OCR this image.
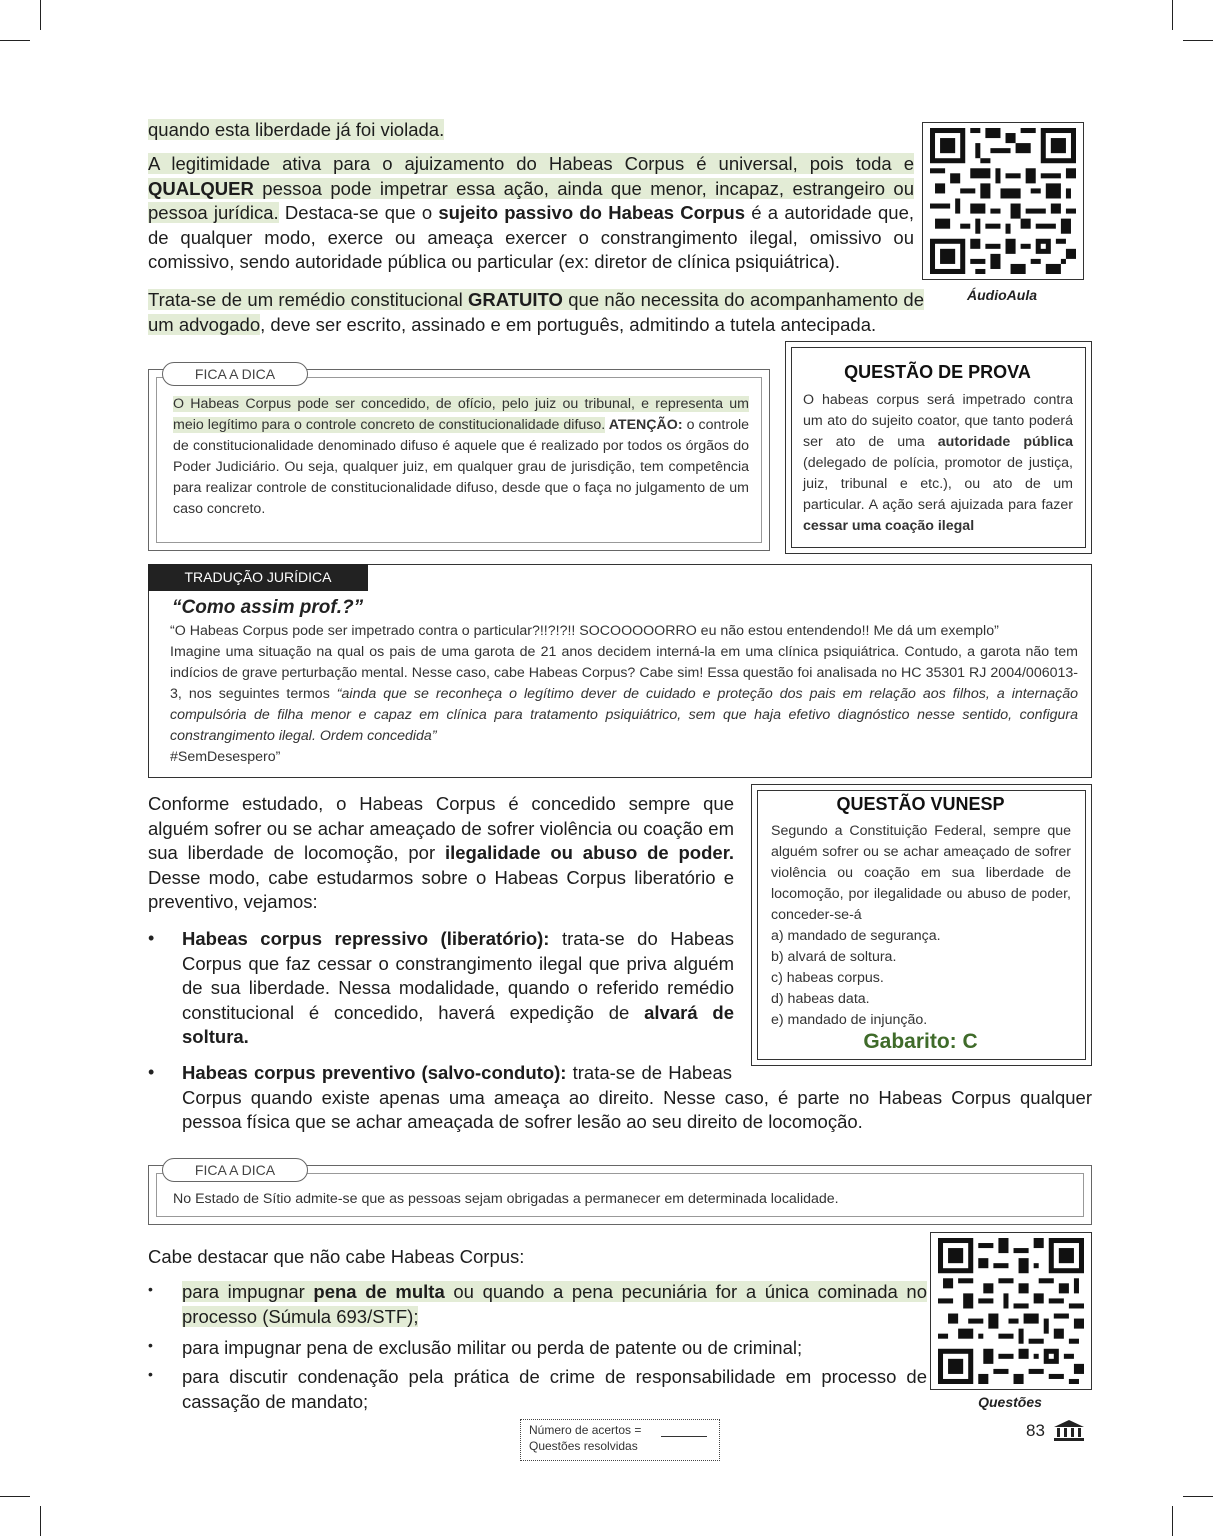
quando esta liberdade já foi violada.
A legitimidade ativa para o ajuizamento do Habeas Corpus é universal, pois toda e QUALQUER pessoa pode impetrar essa ação, ainda que menor, incapaz, estrangeiro ou pessoa jurídica. Destaca-se que o sujeito passivo do Habeas Corpus é a autoridade que, de qualquer modo, exerce ou ameaça exercer o constrangimento ilegal, omissivo ou comissivo, sendo autoridade pública ou particular (ex: diretor de clínica psiquiátrica).
Trata-se de um remédio constitucional GRATUITO que não necessita do acompanhamento de um advogado, deve ser escrito, assinado e em português, admitindo a tutela antecipada.
ÁudioAula
FICA A DICA
O Habeas Corpus pode ser concedido, de ofício, pelo juiz ou tribunal, e representa um meio legítimo para o controle concreto de constitucionalidade difuso. ATENÇÃO: o controle de constitucionalidade denominado difuso é aquele que é realizado por todos os órgãos do Poder Judiciário. Ou seja, qualquer juiz, em qualquer grau de jurisdição, tem competência para realizar controle de constitucionalidade difuso, desde que o faça no julgamento de um caso concreto.
QUESTÃO DE PROVA
O habeas corpus será impetrado contra um ato do sujeito coator, que tanto poderá ser ato de uma autoridade pública (delegado de polícia, promotor de justiça, juiz, tribunal e etc.), ou ato de um particular. A ação será ajuizada para fazer cessar uma coação ilegal
TRADUÇÃO JURÍDICA
“Como assim prof.?”
“O Habeas Corpus pode ser impetrado contra o particular?!!?!?!! SOCOOOOORRO eu não estou entendendo!! Me dá um exemplo”
Imagine uma situação na qual os pais de uma garota de 21 anos decidem interná-la em uma clínica psiquiátrica. Contudo, a garota não tem indícios de grave perturbação mental. Nesse caso, cabe Habeas Corpus? Cabe sim! Essa questão foi analisada no HC 35301 RJ 2004/006013-3, nos seguintes termos “ainda que se reconheça o legítimo dever de cuidado e proteção dos pais em relação aos filhos, a internação compulsória de filha menor e capaz em clínica para tratamento psiquiátrico, sem que haja efetivo diagnóstico nesse sentido, configura constrangimento ilegal. Ordem concedida”
#SemDesespero”
Conforme estudado, o Habeas Corpus é concedido sempre que alguém sofrer ou se achar ameaçado de sofrer violência ou coação em sua liberdade de locomoção, por ilegalidade ou abuso de poder. Desse modo, cabe estudarmos sobre o Habeas Corpus liberatório e preventivo, vejamos:
• Habeas corpus repressivo (liberatório): trata-se do Habeas Corpus que faz cessar o constrangimento ilegal que priva alguém de sua liberdade. Nessa modalidade, quando o referido remédio constitucional é concedido, haverá expedição de alvará de soltura.
• Habeas corpus preventivo (salvo-conduto): trata-se de Habeas Corpus quando existe apenas uma ameaça ao direito. Nesse caso, é parte no Habeas Corpus qualquer pessoa física que se achar ameaçada de sofrer lesão ao seu direito de locomoção.
QUESTÃO VUNESP
Segundo a Constituição Federal, sempre que alguém sofrer ou se achar ameaçado de sofrer violência ou coação em sua liberdade de locomoção, por ilegalidade ou abuso de poder, conceder-se-á
a) mandado de segurança.
b) alvará de soltura.
c) habeas corpus.
d) habeas data.
e) mandado de injunção.
Gabarito: C
FICA A DICA
No Estado de Sítio admite-se que as pessoas sejam obrigadas a permanecer em determinada localidade.
Cabe destacar que não cabe Habeas Corpus:
• para impugnar pena de multa ou quando a pena pecuniária for a única cominada no processo (Súmula 693/STF);
• para impugnar pena de exclusão militar ou perda de patente ou de criminal;
• para discutir condenação pela prática de crime de responsabilidade em processo de cassação de mandato;	Questões
Número de acertos =
Questões resolvidas
83
